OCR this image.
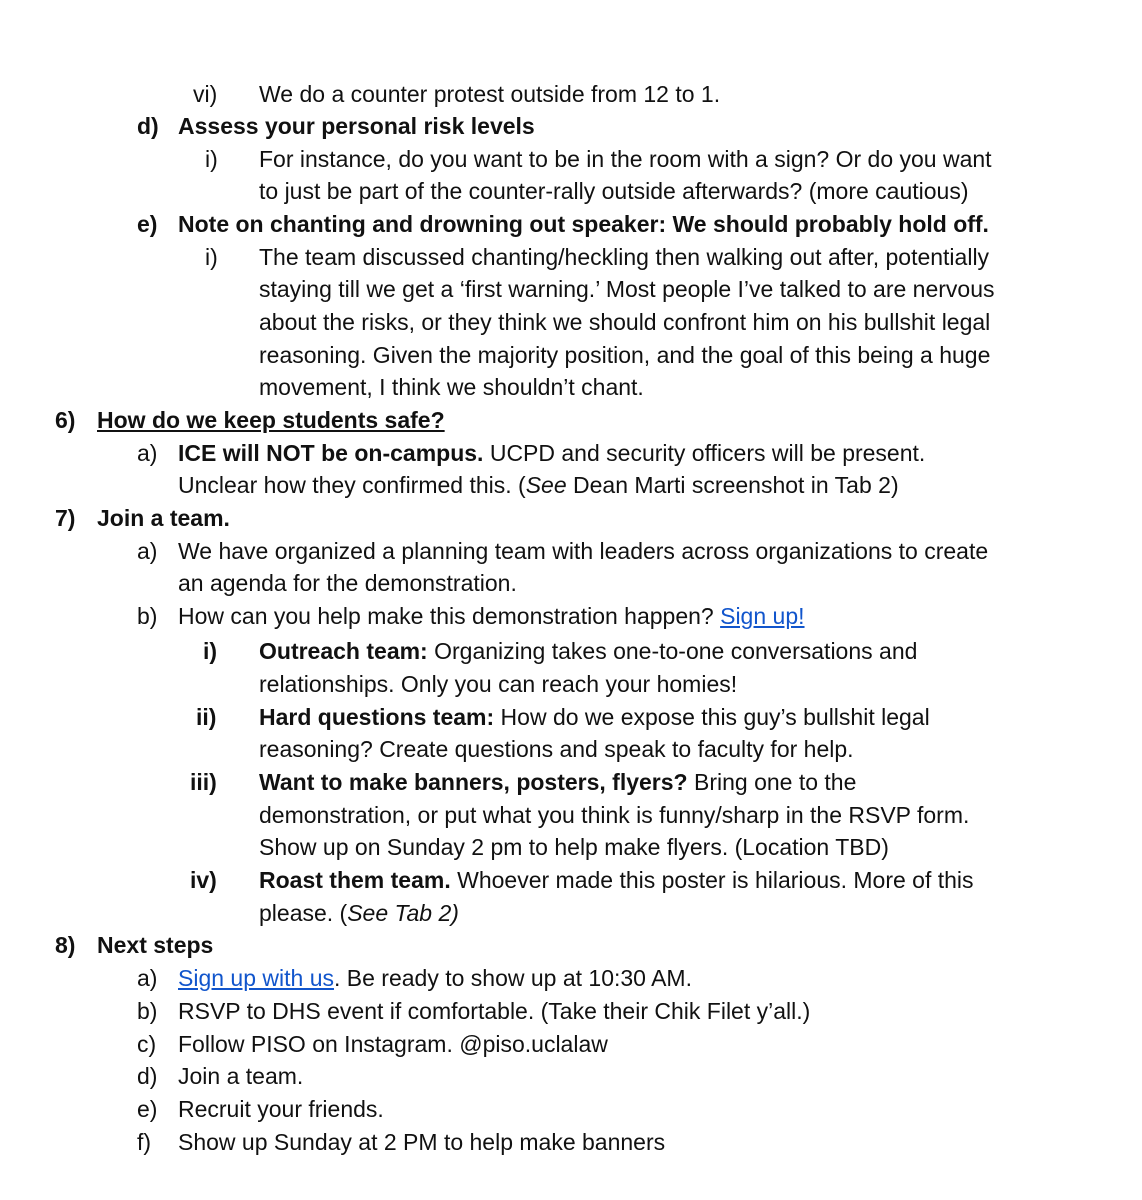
vi) We do a counter protest outside from 12 to 1.
d) Assess your personal risk levels
i) For instance, do you want to be in the room with a sign? Or do you want
to just be part of the counter-rally outside afterwards? (more cautious)
e) Note on chanting and drowning out speaker: We should probably hold off.
i) The team discussed chanting/heckling then walking out after, potentially
staying till we get a ‘first warning.’ Most people I’ve talked to are nervous
about the risks, or they think we should confront him on his bullshit legal
reasoning. Given the majority position, and the goal of this being a huge
movement, I think we shouldn’t chant.
6) How do we keep students safe?
a) ICE will NOT be on-campus. UCPD and security officers will be present.
Unclear how they confirmed this. (See Dean Marti screenshot in Tab 2)
7) Join a team.
a) We have organized a planning team with leaders across organizations to create
an agenda for the demonstration.
b) How can you help make this demonstration happen? Sign up!
i) Outreach team: Organizing takes one-to-one conversations and
relationships. Only you can reach your homies!
ii) Hard questions team: How do we expose this guy’s bullshit legal
reasoning? Create questions and speak to faculty for help.
iii) Want to make banners, posters, flyers? Bring one to the
demonstration, or put what you think is funny/sharp in the RSVP form.
Show up on Sunday 2 pm to help make flyers. (Location TBD)
iv) Roast them team. Whoever made this poster is hilarious. More of this
please. (See Tab 2)
8) Next steps
a) Sign up with us. Be ready to show up at 10:30 AM.
b) RSVP to DHS event if comfortable. (Take their Chik Filet y’all.)
c) Follow PISO on Instagram. @piso.uclalaw
d) Join a team.
e) Recruit your friends.
f) Show up Sunday at 2 PM to help make banners
